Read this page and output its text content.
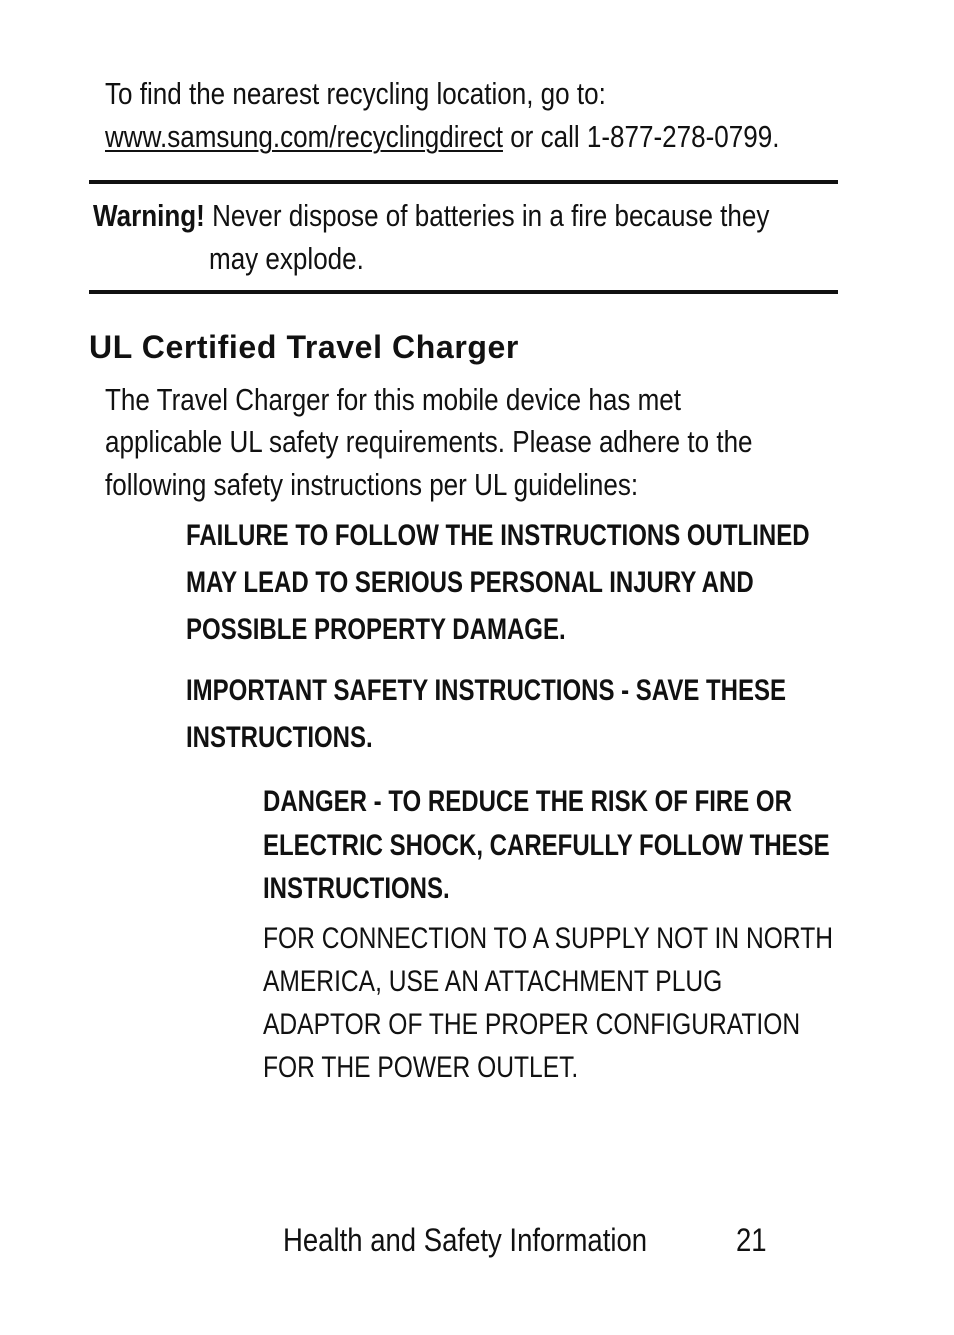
To find the nearest recycling location, go to:
www.samsung.com/recyclingdirect or call 1-877-278-0799.
Warning! Never dispose of batteries in a fire because they
may explode.
UL Certified Travel Charger
The Travel Charger for this mobile device has met
applicable UL safety requirements. Please adhere to the
following safety instructions per UL guidelines:
FAILURE TO FOLLOW THE INSTRUCTIONS OUTLINED
MAY LEAD TO SERIOUS PERSONAL INJURY AND
POSSIBLE PROPERTY DAMAGE.
IMPORTANT SAFETY INSTRUCTIONS - SAVE THESE
INSTRUCTIONS.
DANGER - TO REDUCE THE RISK OF FIRE OR
ELECTRIC SHOCK, CAREFULLY FOLLOW THESE
INSTRUCTIONS.
FOR CONNECTION TO A SUPPLY NOT IN NORTH
AMERICA, USE AN ATTACHMENT PLUG
ADAPTOR OF THE PROPER CONFIGURATION
FOR THE POWER OUTLET.
Health and Safety Information	21
